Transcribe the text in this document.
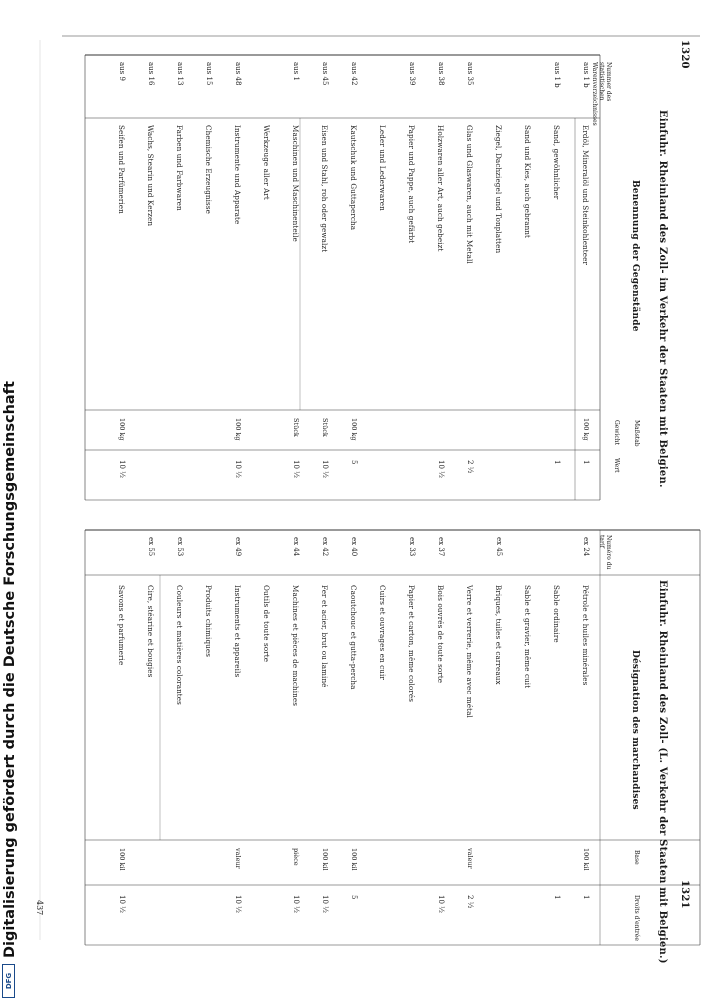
1320
Einfuhr. Rheinland des Zoll- im Verkehr der Staaten mit Belgien.
Nummer des statistischen Warenverzeichnisses
Benennung der Gegenstände
Maßstab
Gewicht
Wert
aus 1 b
Erdöl, Mineralöl und Steinkohlenteer
100 kg
1
aus 1 b
Sand, gewöhnlicher
1
Sand und Kies, auch gebrannt
Ziegel, Dachziegel und Tonplatten
aus 35
Glas und Glaswaren, auch mit Metall
2 ½
aus 38
Holzwaren aller Art, auch gebeizt
10 ½
aus 39
Papier und Pappe, auch gefärbt
Leder und Lederwaren
aus 42
Kautschuk und Guttapercha
100 kg
5
aus 45
Eisen und Stahl, roh oder gewalzt
Stück
10 ½
aus 1
Maschinen und Maschinenteile
Stück
10 ½
Werkzeuge aller Art
aus 48
Instrumente und Apparate
100 kg
10 ½
aus 15
Chemische Erzeugnisse
aus 13
Farben und Farbwaren
aus 16
Wachs, Stearin und Kerzen
aus 9
Seifen und Parfümerien
100 kg
10 ½
1321
Einfuhr. Rheinland des Zoll- (L. Verkehr der Staaten mit Belgien.)
Numéro du tarif
Désignation des marchandises
Base
Droits d'entrée
ex 24
Pétrole et huiles minérales
100 kil
1
Sable ordinaire
1
Sable et gravier, même cuit
ex 45
Briques, tuiles et carreaux
Verre et verrerie, même avec métal
valeur
2 ½
ex 37
Bois ouvrés de toute sorte
10 ½
ex 33
Papier et carton, même colorés
Cuirs et ouvrages en cuir
ex 40
Caoutchouc et gutta-percha
100 kil
5
ex 42
Fer et acier, brut ou laminé
100 kil
10 ½
ex 44
Machines et pièces de machines
pièce
10 ½
Outils de toute sorte
ex 49
Instruments et appareils
valeur
10 ½
Produits chimiques
ex 53
Couleurs et matières colorantes
ex 55
Cire, stéarine et bougies
Savons et parfumerie
100 kil
10 ½
437
Digitalisierung gefördert durch die Deutsche Forschungsgemeinschaft
DFG
